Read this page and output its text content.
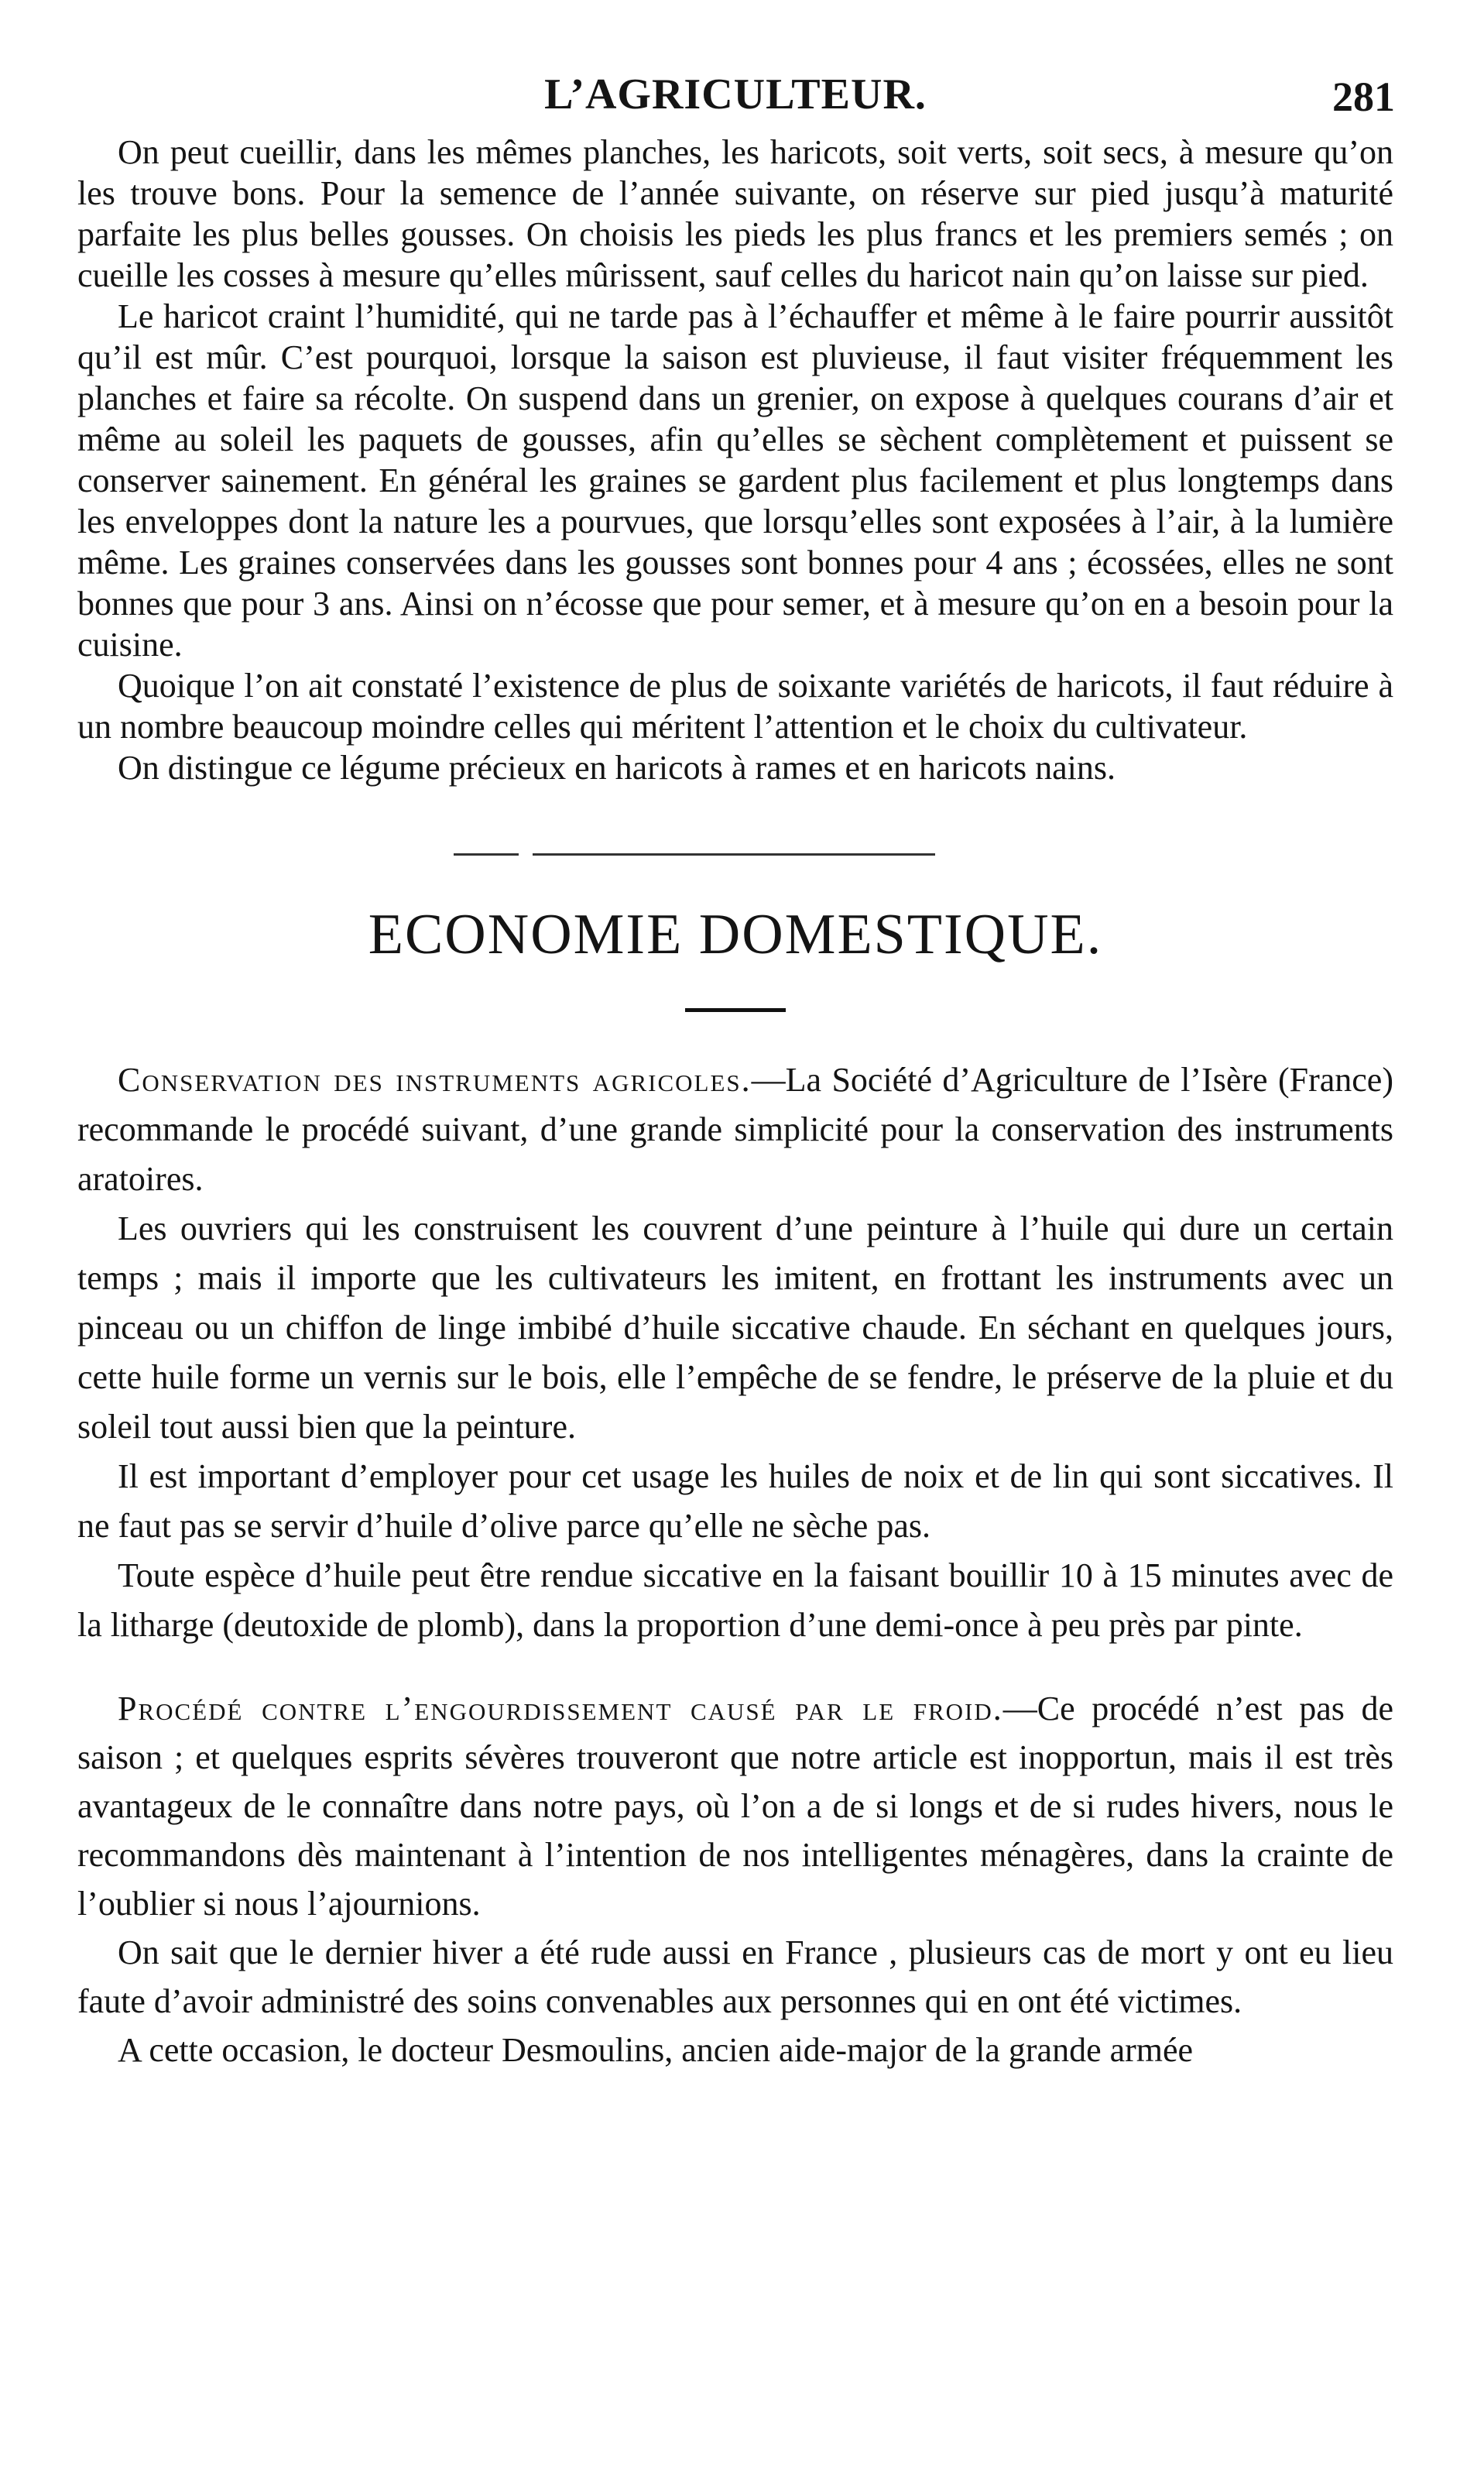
L’AGRICULTEUR.	281

On peut cueillir, dans les mêmes planches, les haricots, soit verts, soit secs, à mesure qu’on les trouve bons. Pour la semence de l’année suivante, on réserve sur pied jusqu’à maturité parfaite les plus belles gousses. On choisis les pieds les plus francs et les premiers semés ; on cueille les cosses à mesure qu’elles mûrissent, sauf celles du haricot nain qu’on laisse sur pied.

Le haricot craint l’humidité, qui ne tarde pas à l’échauffer et même à le faire pourrir aussitôt qu’il est mûr. C’est pourquoi, lorsque la saison est pluvieuse, il faut visiter fréquemment les planches et faire sa récolte. On suspend dans un grenier, on expose à quelques courans d’air et même au soleil les paquets de gousses, afin qu’elles se sèchent complètement et puissent se conserver sainement. En général les graines se gardent plus facilement et plus longtemps dans les enveloppes dont la nature les a pourvues, que lorsqu’elles sont exposées à l’air, à la lumière même. Les graines conservées dans les gousses sont bonnes pour 4 ans ; écossées, elles ne sont bonnes que pour 3 ans. Ainsi on n’écosse que pour semer, et à mesure qu’on en a besoin pour la cuisine.

Quoique l’on ait constaté l’existence de plus de soixante variétés de haricots, il faut réduire à un nombre beaucoup moindre celles qui méritent l’attention et le choix du cultivateur.

On distingue ce légume précieux en haricots à rames et en haricots nains.

ECONOMIE DOMESTIQUE.

Conservation des instruments agricoles.—La Société d’Agriculture de l’Isère (France) recommande le procédé suivant, d’une grande simplicité pour la conservation des instruments aratoires.

Les ouvriers qui les construisent les couvrent d’une peinture à l’huile qui dure un certain temps ; mais il importe que les cultivateurs les imitent, en frottant les instruments avec un pinceau ou un chiffon de linge imbibé d’huile siccative chaude. En séchant en quelques jours, cette huile forme un vernis sur le bois, elle l’empêche de se fendre, le préserve de la pluie et du soleil tout aussi bien que la peinture.

Il est important d’employer pour cet usage les huiles de noix et de lin qui sont siccatives. Il ne faut pas se servir d’huile d’olive parce qu’elle ne sèche pas.

Toute espèce d’huile peut être rendue siccative en la faisant bouillir 10 à 15 minutes avec de la litharge (deutoxide de plomb), dans la proportion d’une demi-once à peu près par pinte.

Procédé contre l’engourdissement causé par le froid.—Ce procédé n’est pas de saison ; et quelques esprits sévères trouveront que notre article est inopportun, mais il est très avantageux de le connaître dans notre pays, où l’on a de si longs et de si rudes hivers, nous le recommandons dès maintenant à l’intention de nos intelligentes ménagères, dans la crainte de l’oublier si nous l’ajournions.

On sait que le dernier hiver a été rude aussi en France , plusieurs cas de mort y ont eu lieu faute d’avoir administré des soins convenables aux personnes qui en ont été victimes.

A cette occasion, le docteur Desmoulins, ancien aide-major de la grande armée
